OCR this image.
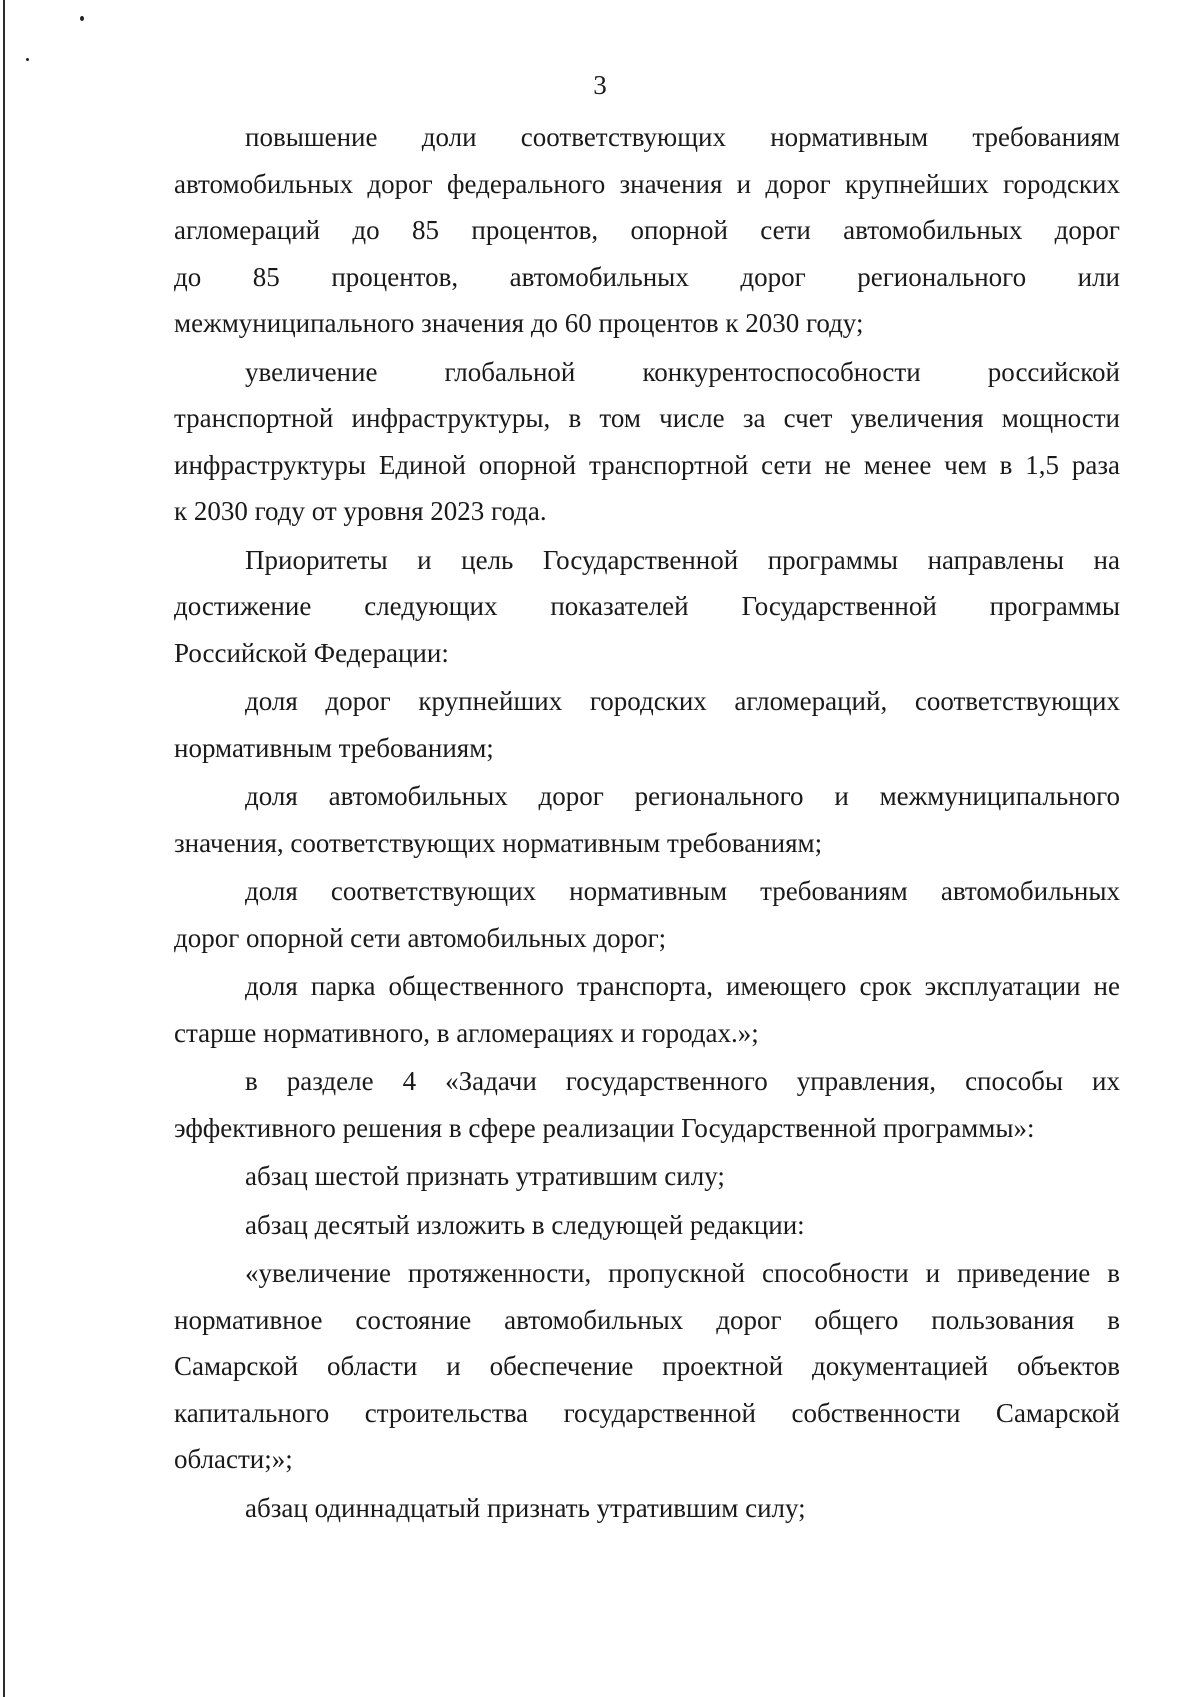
3
повышение доли соответствующих нормативным требованиям
автомобильных дорог федерального значения и дорог крупнейших городских
агломераций до 85 процентов, опорной сети автомобильных дорог
до 85 процентов, автомобильных дорог регионального или
межмуниципального значения до 60 процентов к 2030 году;
увеличение глобальной конкурентоспособности российской
транспортной инфраструктуры, в том числе за счет увеличения мощности
инфраструктуры Единой опорной транспортной сети не менее чем в 1,5 раза
к 2030 году от уровня 2023 года.
Приоритеты и цель Государственной программы направлены на
достижение следующих показателей Государственной программы
Российской Федерации:
доля дорог крупнейших городских агломераций, соответствующих
нормативным требованиям;
доля автомобильных дорог регионального и межмуниципального
значения, соответствующих нормативным требованиям;
доля соответствующих нормативным требованиям автомобильных
дорог опорной сети автомобильных дорог;
доля парка общественного транспорта, имеющего срок эксплуатации не
старше нормативного, в агломерациях и городах.»;
в разделе 4 «Задачи государственного управления, способы их
эффективного решения в сфере реализации Государственной программы»:
абзац шестой признать утратившим силу;
абзац десятый изложить в следующей редакции:
«увеличение протяженности, пропускной способности и приведение в
нормативное состояние автомобильных дорог общего пользования в
Самарской области и обеспечение проектной документацией объектов
капитального строительства государственной собственности Самарской
области;»;
абзац одиннадцатый признать утратившим силу;
